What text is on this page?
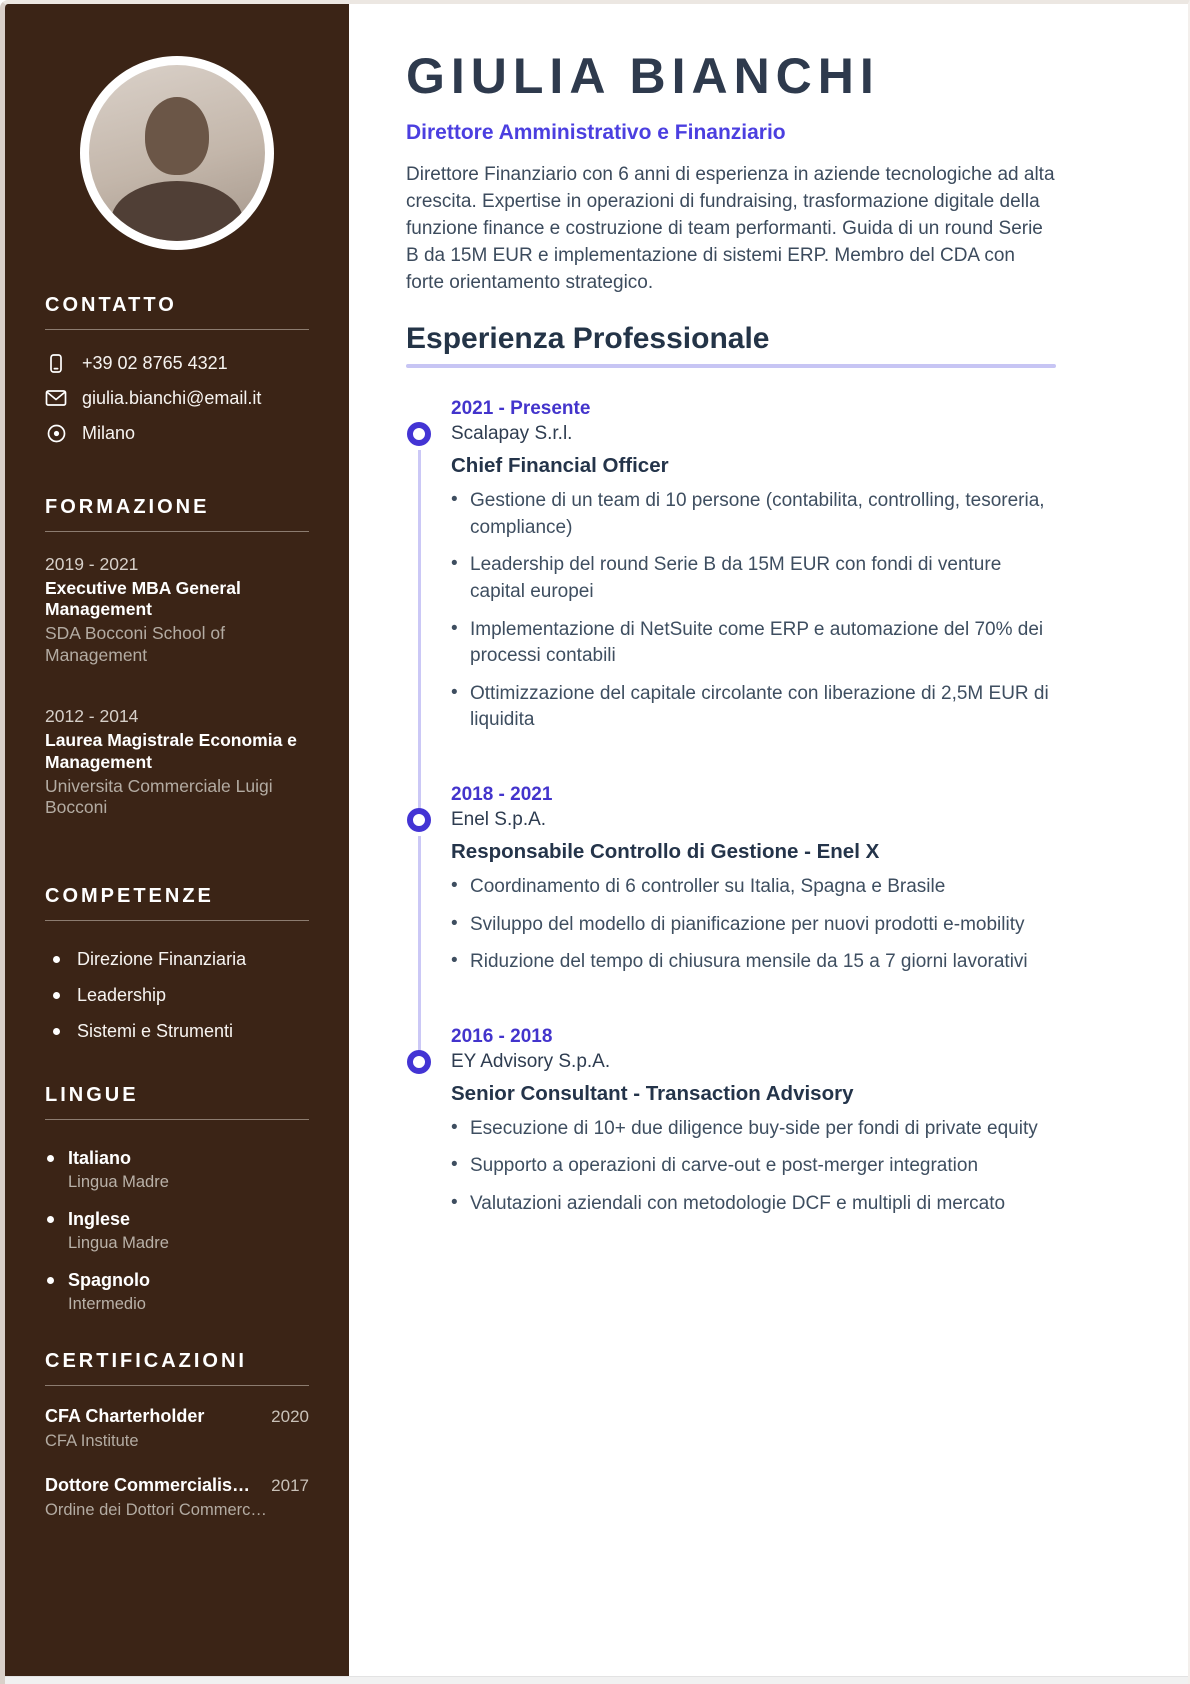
CONTATTO
+39 02 8765 4321
giulia.bianchi@email.it
Milano
FORMAZIONE
2019 - 2021
Executive MBA General Management
SDA Bocconi School of Management
2012 - 2014
Laurea Magistrale Economia e Management
Universita Commerciale Luigi Bocconi
COMPETENZE
Direzione Finanziaria
Leadership
Sistemi e Strumenti
LINGUE
Italiano
Lingua Madre
Inglese
Lingua Madre
Spagnolo
Intermedio
CERTIFICAZIONI
CFA Charterholder	2020
CFA Institute
Dottore Commercialis… 2017
Ordine dei Dottori Commerc…
GIULIA BIANCHI
Direttore Amministrativo e Finanziario

Direttore Finanziario con 6 anni di esperienza in aziende tecnologiche ad alta crescita. Expertise in operazioni di fundraising, trasformazione digitale della funzione finance e costruzione di team performanti. Guida di un round Serie B da 15M EUR e implementazione di sistemi ERP. Membro del CDA con forte orientamento strategico.

Esperienza Professionale
2021 - Presente
Scalapay S.r.l.
Chief Financial Officer
• Gestione di un team di 10 persone (contabilita, controlling, tesoreria, compliance)
• Leadership del round Serie B da 15M EUR con fondi di venture capital europei
• Implementazione di NetSuite come ERP e automazione del 70% dei processi contabili
• Ottimizzazione del capitale circolante con liberazione di 2,5M EUR di liquidita
2018 - 2021
Enel S.p.A.
Responsabile Controllo di Gestione - Enel X
• Coordinamento di 6 controller su Italia, Spagna e Brasile
• Sviluppo del modello di pianificazione per nuovi prodotti e-mobility
• Riduzione del tempo di chiusura mensile da 15 a 7 giorni lavorativi
2016 - 2018
EY Advisory S.p.A.
Senior Consultant - Transaction Advisory
• Esecuzione di 10+ due diligence buy-side per fondi di private equity
• Supporto a operazioni di carve-out e post-merger integration
• Valutazioni aziendali con metodologie DCF e multipli di mercato
